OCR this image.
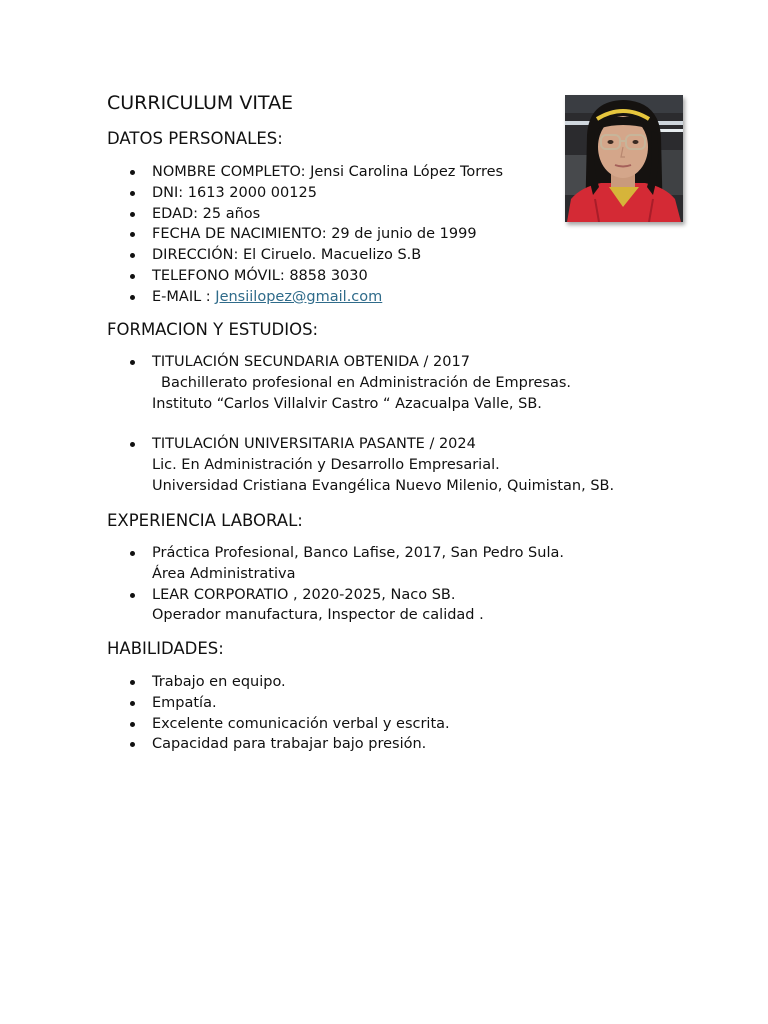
CURRICULUM VITAE
DATOS PERSONALES:
NOMBRE COMPLETO: Jensi Carolina López Torres
DNI: 1613 2000 00125
EDAD: 25 años
FECHA DE NACIMIENTO: 29 de junio de 1999
DIRECCIÓN: El Ciruelo. Macuelizo S.B
TELEFONO MÓVIL: 8858 3030
E-MAIL : Jensiilopez@gmail.com
FORMACION Y ESTUDIOS:
TITULACIÓN SECUNDARIA OBTENIDA / 2017
Bachillerato profesional en Administración de Empresas.
Instituto “Carlos Villalvir Castro “ Azacualpa Valle, SB.
TITULACIÓN UNIVERSITARIA PASANTE / 2024
Lic. En Administración y Desarrollo Empresarial.
Universidad Cristiana Evangélica Nuevo Milenio, Quimistan, SB.
EXPERIENCIA LABORAL:
Práctica Profesional, Banco Lafise, 2017, San Pedro Sula.
Área Administrativa
LEAR CORPORATIO , 2020-2025, Naco SB.
Operador manufactura, Inspector de calidad .
HABILIDADES:
Trabajo en equipo.
Empatía.
Excelente comunicación verbal y escrita.
Capacidad para trabajar bajo presión.
